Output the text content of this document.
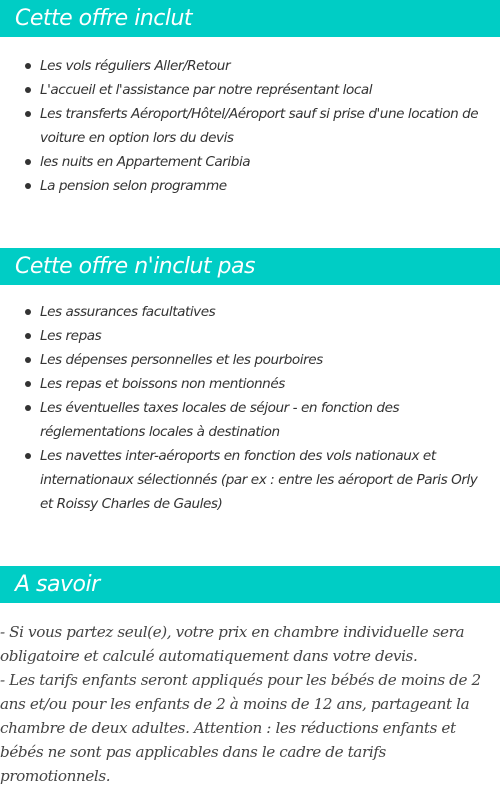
Cette offre inclut
Les vols réguliers Aller/Retour
L'accueil et l'assistance par notre représentant local
Les transferts Aéroport/Hôtel/Aéroport sauf si prise d'une location de voiture en option lors du devis
les nuits en Appartement Caribia
La pension selon programme
Cette offre n'inclut pas
Les assurances facultatives
Les repas
Les dépenses personnelles et les pourboires
Les repas et boissons non mentionnés
Les éventuelles taxes locales de séjour - en fonction des réglementations locales à destination
Les navettes inter-aéroports en fonction des vols nationaux et internationaux sélectionnés (par ex : entre les aéroport de Paris Orly et Roissy Charles de Gaules)
A savoir

- Si vous partez seul(e), votre prix en chambre individuelle sera obligatoire et calculé automatiquement dans votre devis.

- Les tarifs enfants seront appliqués pour les bébés de moins de 2 ans et/ou pour les enfants de 2 à moins de 12 ans, partageant la chambre de deux adultes. Attention : les réductions enfants et bébés ne sont pas applicables dans le cadre de tarifs promotionnels.
